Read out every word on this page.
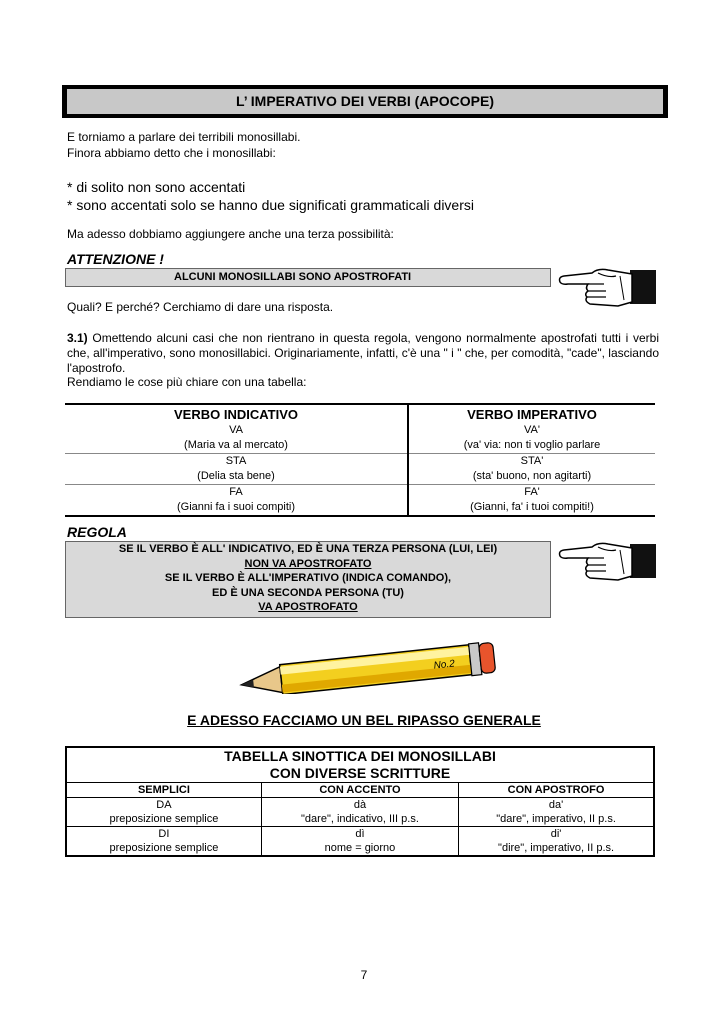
L’ IMPERATIVO DEI VERBI (APOCOPE)
E torniamo a parlare dei terribili monosillabi.
Finora abbiamo detto che i monosillabi:
* di solito non sono accentati
* sono accentati solo se hanno due significati grammaticali diversi
Ma adesso dobbiamo aggiungere anche una terza possibilità:
ATTENZIONE !
ALCUNI MONOSILLABI SONO APOSTROFATI
Quali? E perché? Cerchiamo di dare una risposta.
3.1) Omettendo alcuni casi che non rientrano in questa regola, vengono normalmente apostrofati tutti i verbi che, all'imperativo, sono monosillabici. Originariamente, infatti, c'è una " i " che, per comodità, "cade", lasciando l'apostrofo.
Rendiamo le cose più chiare con una tabella:
VERBO INDICATIVO	VERBO IMPERATIVO
VA	VA'
(Maria va al mercato)	(va' via: non ti voglio parlare
STA	STA'
(Delia sta bene)	(sta' buono, non agitarti)
FA	FA'
(Gianni fa i suoi compiti)	(Gianni, fa' i tuoi compiti!)
REGOLA
SE IL VERBO È ALL' INDICATIVO, ED È UNA TERZA PERSONA (LUI, LEI)
NON VA APOSTROFATO
SE IL VERBO È ALL'IMPERATIVO (INDICA COMANDO),
ED È UNA SECONDA PERSONA (TU)
VA APOSTROFATO
No.2
E ADESSO FACCIAMO UN BEL RIPASSO GENERALE
TABELLA SINOTTICA DEI MONOSILLABI
CON DIVERSE SCRITTURE		

SEMPLICI	CON ACCENTO	CON APOSTROFO
DA	dà	da'
preposizione semplice	"dare", indicativo, III p.s.	"dare", imperativo, II p.s.
DI	dì	di'
preposizione semplice	nome = giorno	"dire", imperativo, II p.s.
7
